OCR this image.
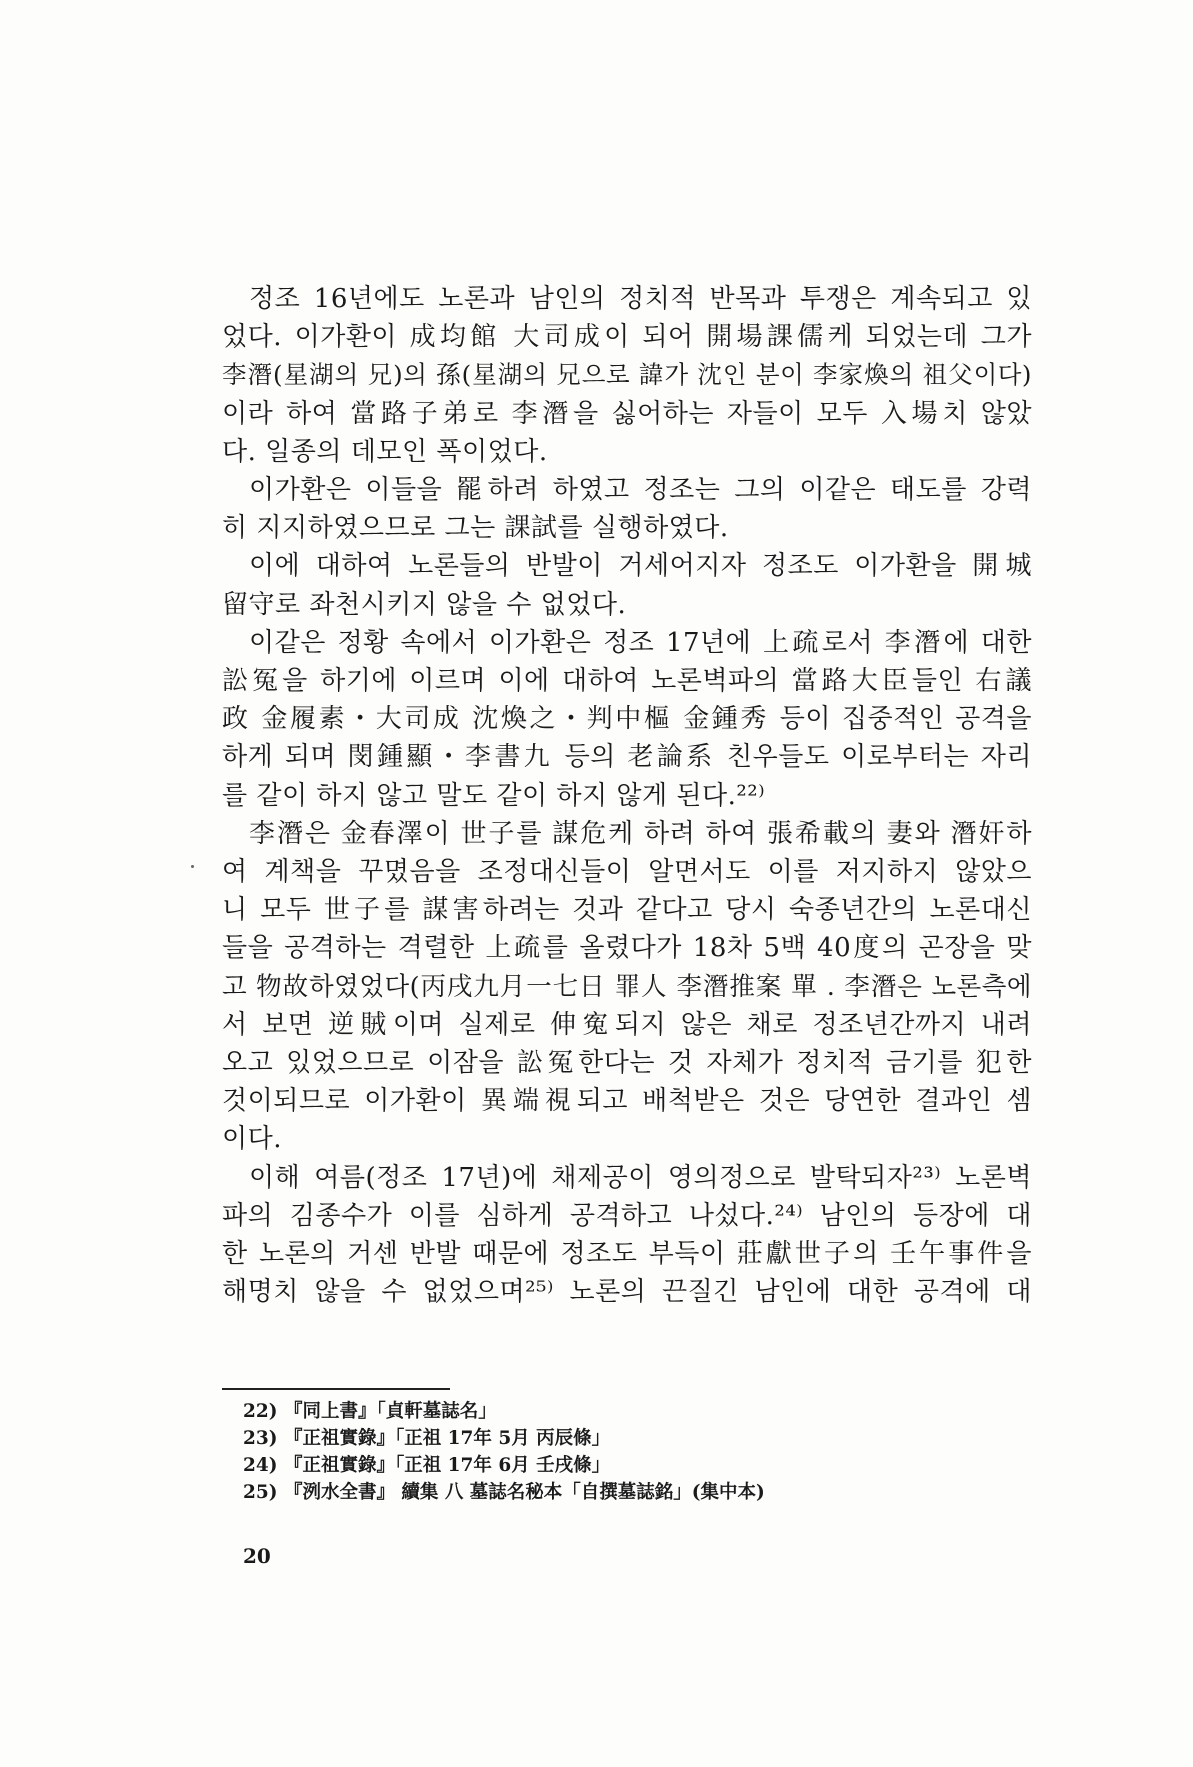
정조 16년에도 노론과 남인의 정치적 반목과 투쟁은 계속되고 있
었다. 이가환이 成均館 大司成이 되어 開場課儒케 되었는데 그가
李潛(星湖의 兄)의 孫(星湖의 兄으로 諱가 沈인 분이 李家煥의 祖父이다)
이라 하여 當路子弟로 李潛을 싫어하는 자들이 모두 入場치 않았
다. 일종의 데모인 폭이었다.
이가환은 이들을 罷하려 하였고 정조는 그의 이같은 태도를 강력
히 지지하였으므로 그는 課試를 실행하였다.
이에 대하여 노론들의 반발이 거세어지자 정조도 이가환을 開城
留守로 좌천시키지 않을 수 없었다.
이같은 정황 속에서 이가환은 정조 17년에 上疏로서 李潛에 대한
訟冤을 하기에 이르며 이에 대하여 노론벽파의 當路大臣들인 右議
政 金履素・大司成 沈煥之・判中樞 金鍾秀 등이 집중적인 공격을
하게 되며 閔鍾顯・李書九 등의 老論系 친우들도 이로부터는 자리
를 같이 하지 않고 말도 같이 하지 않게 된다.²²⁾
李潛은 金春澤이 世子를 謀危케 하려 하여 張希載의 妻와 潛奸하
여 계책을 꾸몄음을 조정대신들이 알면서도 이를 저지하지 않았으
니 모두 世子를 謀害하려는 것과 같다고 당시 숙종년간의 노론대신
들을 공격하는 격렬한 上疏를 올렸다가 18차 5백 40度의 곤장을 맞
고 物故하였었다(丙戌九月一七日 罪人 李潛推案 單 . 李潛은 노론측에
서 보면 逆賊이며 실제로 伸寃되지 않은 채로 정조년간까지 내려
오고 있었으므로 이잠을 訟冤한다는 것 자체가 정치적 금기를 犯한
것이되므로 이가환이 異端視되고 배척받은 것은 당연한 결과인 셈
이다.
이해 여름(정조 17년)에 채제공이 영의정으로 발탁되자²³⁾ 노론벽
파의 김종수가 이를 심하게 공격하고 나섰다.²⁴⁾ 남인의 등장에 대
한 노론의 거센 반발 때문에 정조도 부득이 莊獻世子의 壬午事件을
해명치 않을 수 없었으며²⁵⁾ 노론의 끈질긴 남인에 대한 공격에 대
22) 『同上書』「貞軒墓誌名」
23) 『正祖實錄』「正祖 17年 5月 丙辰條」
24) 『正祖實錄』「正祖 17年 6月 壬戌條」
25) 『洌水全書』 續集 八 墓誌名秘本「自撰墓誌銘」(集中本)
20
